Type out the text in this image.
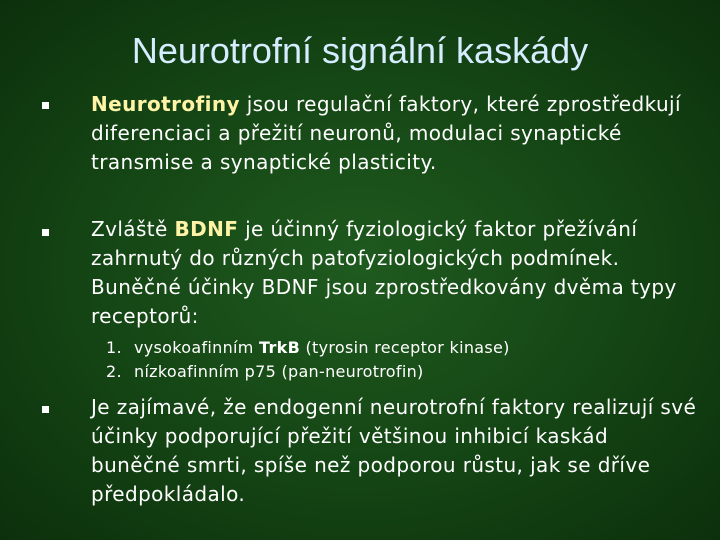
Neurotrofní signální kaskády
Neurotrofiny jsou regulační faktory, které zprostředkují diferenciaci a přežití neuronů, modulaci synaptické transmise a synaptické plasticity.
Zvláště BDNF je účinný fyziologický faktor přežívání zahrnutý do různých patofyziologických podmínek. Buněčné účinky BDNF jsou zprostředkovány dvěma typy receptorů:
1. vysokoafinním TrkB (tyrosin receptor kinase)
2. nízkoafinním p75 (pan-neurotrofin)
Je zajímavé, že endogenní neurotrofní faktory realizují své účinky podporující přežití většinou inhibicí kaskád buněčné smrti, spíše než podporou růstu, jak se dříve předpokládalo.
